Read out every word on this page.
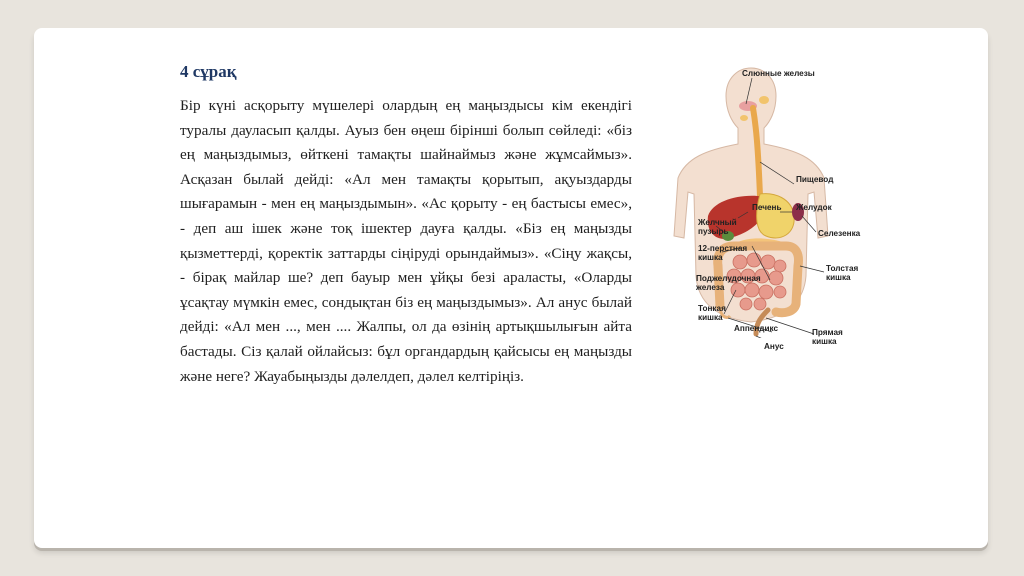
4 сұрақ

Бір күні асқорыту мүшелері олардың ең маңыздысы кім екендігі туралы дауласып қалды. Ауыз бен өңеш бірінші болып сөйледі: «біз ең маңыздымыз, өйткені тамақты шайнаймыз және жұмсаймыз». Асқазан былай дейді: «Ал мен тамақты қорытып, ақуыздарды шығарамын - мен ең маңыздымын». «Ас қорыту - ең бастысы емес», - деп аш ішек және тоқ ішектер дауға қалды. «Біз ең маңызды қызметтерді, қоректік заттарды сіңіруді орындаймыз». «Сіңу жақсы, - бірақ майлар ше? деп бауыр мен ұйқы безі араласты, «Оларды ұсақтау мүмкін емес, сондықтан біз ең маңыздымыз». Ал анус былай дейді: «Ал мен ..., мен .... Жалпы, ол да өзінің артықшылығын айта бастады. Сіз қалай ойлайсыз: бұл органдардың қайсысы ең маңызды және неге? Жауабыңызды дәлелдеп, дәлел келтіріңіз.

Слюнные железы
Пищевод
Печень Желудок
Желчный
пузырь	Селезенка
12-перстная
кишка
Толстая
кишка
Поджелудочная
железа
Тонкая
кишка
Аппендикс	Прямая
кишка
Анус
